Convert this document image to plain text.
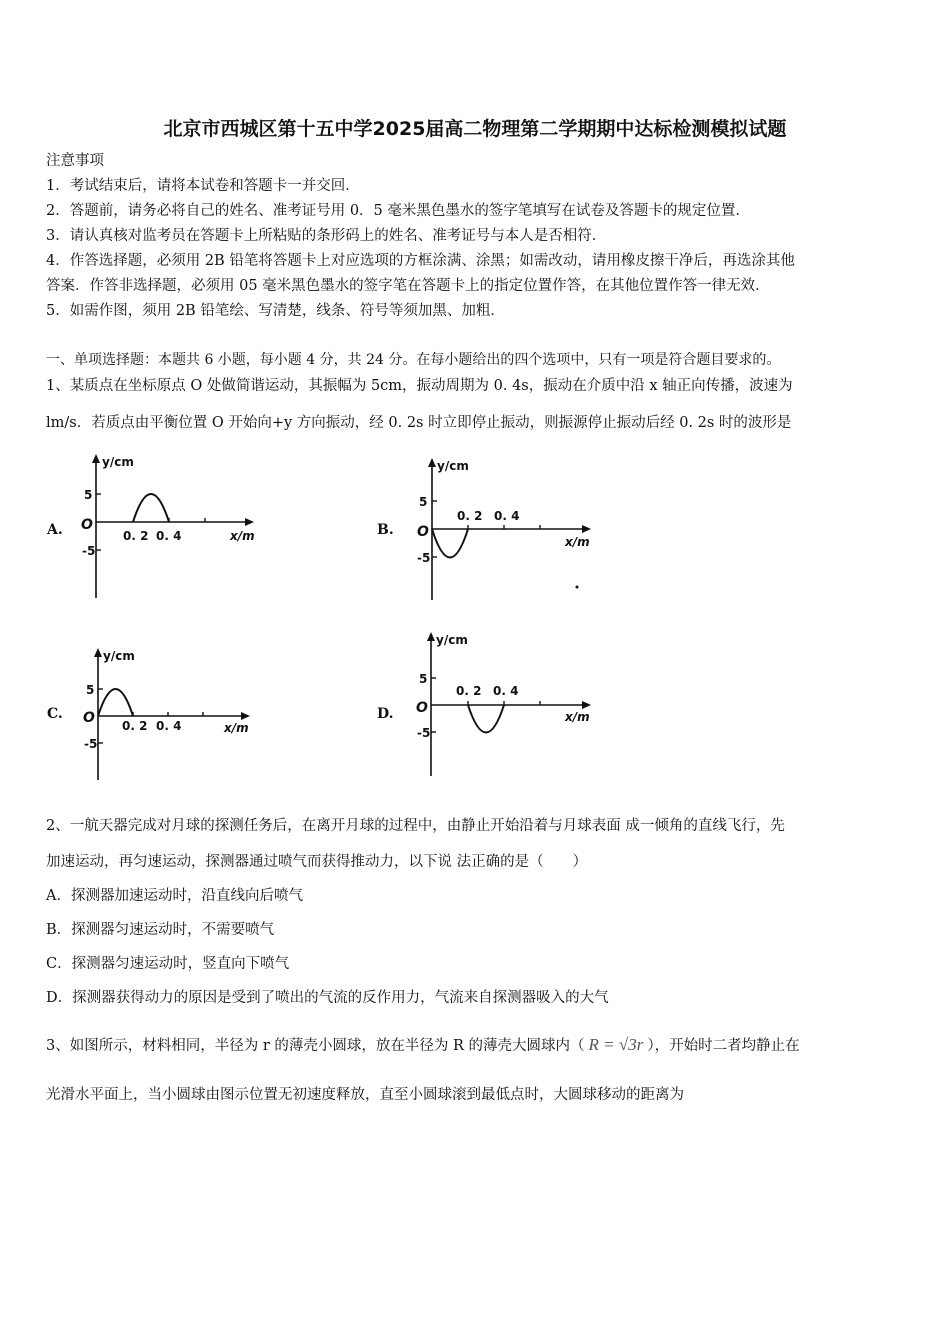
北京市西城区第十五中学2025届高二物理第二学期期中达标检测模拟试题
注意事项
1．考试结束后，请将本试卷和答题卡一并交回．
2．答题前，请务必将自己的姓名、准考证号用 0．5 毫米黑色墨水的签字笔填写在试卷及答题卡的规定位置．
3．请认真核对监考员在答题卡上所粘贴的条形码上的姓名、准考证号与本人是否相符．
4．作答选择题，必须用 2B 铅笔将答题卡上对应选项的方框涂满、涂黑；如需改动，请用橡皮擦干净后，再选涂其他
答案．作答非选择题，必须用 05 毫米黑色墨水的签字笔在答题卡上的指定位置作答，在其他位置作答一律无效．
5．如需作图，须用 2B 铅笔绘、写清楚，线条、符号等须加黑、加粗．
一、单项选择题：本题共 6 小题，每小题 4 分，共 24 分。在每小题给出的四个选项中，只有一项是符合题目要求的。
1、某质点在坐标原点 O 处做简谐运动，其振幅为 5cm，振动周期为 0. 4s，振动在介质中沿 x 轴正向传播，波速为
lm/s．若质点由平衡位置 O 开始向+y 方向振动，经 0. 2s 时立即停止振动，则振源停止振动后经 0. 2s 时的波形是
A.	B.
C.	D.
y/cm
x/m
O
5
-5
0. 2 0. 4
y/cm
x/m
O
5
-5
0. 2 0. 4
y/cm
x/m
O
5
-5
0. 2 0. 4
y/cm
x/m
O
5
-5
0. 2 0. 4
2、一航天器完成对月球的探测任务后，在离开月球的过程中，由静止开始沿着与月球表面 成一倾角的直线飞行，先
加速运动，再匀速运动，探测器通过喷气而获得推动力，以下说 法正确的是（　　）
A．探测器加速运动时，沿直线向后喷气
B．探测器匀速运动时，不需要喷气
C．探测器匀速运动时，竖直向下喷气
D．探测器获得动力的原因是受到了喷出的气流的反作用力，气流来自探测器吸入的大气
3、如图所示，材料相同，半径为 r 的薄壳小圆球，放在半径为 R 的薄壳大圆球内（ R = √3r ），开始时二者均静止在
光滑水平面上，当小圆球由图示位置无初速度释放，直至小圆球滚到最低点时，大圆球移动的距离为
